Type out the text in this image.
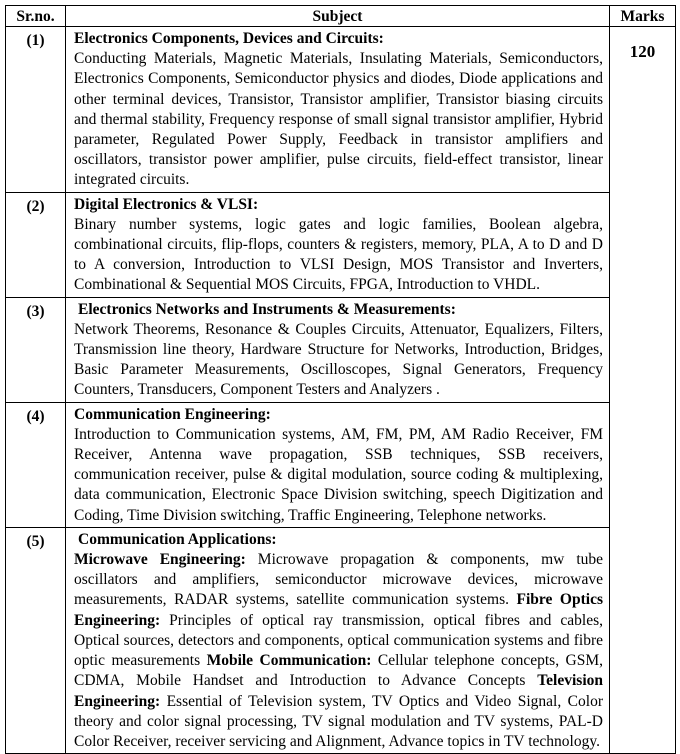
Sr.no.	Subject	Marks
(1)	Electronics Components, Devices and Circuits:
Conducting Materials, Magnetic Materials, Insulating Materials, Semiconductors, Electronics Components, Semiconductor physics and diodes, Diode applications and other terminal devices, Transistor, Transistor amplifier, Transistor biasing circuits and thermal stability, Frequency response of small signal transistor amplifier, Hybrid parameter, Regulated Power Supply, Feedback in transistor amplifiers and oscillators, transistor power amplifier, pulse circuits, field-effect transistor, linear integrated circuits.	120
(2)	Digital Electronics & VLSI:
Binary number systems, logic gates and logic families, Boolean algebra, combinational circuits, flip-flops, counters & registers, memory, PLA, A to D and D to A conversion, Introduction to VLSI Design, MOS Transistor and Inverters, Combinational & Sequential MOS Circuits, FPGA, Introduction to VHDL.	
(3)	Electronics Networks and Instruments & Measurements:
Network Theorems, Resonance & Couples Circuits, Attenuator, Equalizers, Filters, Transmission line theory, Hardware Structure for Networks, Introduction, Bridges, Basic Parameter Measurements, Oscilloscopes, Signal Generators, Frequency Counters, Transducers, Component Testers and Analyzers .	
(4)	Communication Engineering:
Introduction to Communication systems, AM, FM, PM, AM Radio Receiver, FM Receiver, Antenna wave propagation, SSB techniques, SSB receivers, communication receiver, pulse & digital modulation, source coding & multiplexing, data communication, Electronic Space Division switching, speech Digitization and Coding, Time Division switching, Traffic Engineering, Telephone networks.	
(5)	Communication Applications:
Microwave Engineering: Microwave propagation & components, mw tube oscillators and amplifiers, semiconductor microwave devices, microwave measurements, RADAR systems, satellite communication systems. Fibre Optics Engineering: Principles of optical ray transmission, optical fibres and cables, Optical sources, detectors and components, optical communication systems and fibre optic measurements Mobile Communication: Cellular telephone concepts, GSM, CDMA, Mobile Handset and Introduction to Advance Concepts Television Engineering: Essential of Television system, TV Optics and Video Signal, Color theory and color signal processing, TV signal modulation and TV systems, PAL-D Color Receiver, receiver servicing and Alignment, Advance topics in TV technology.	
